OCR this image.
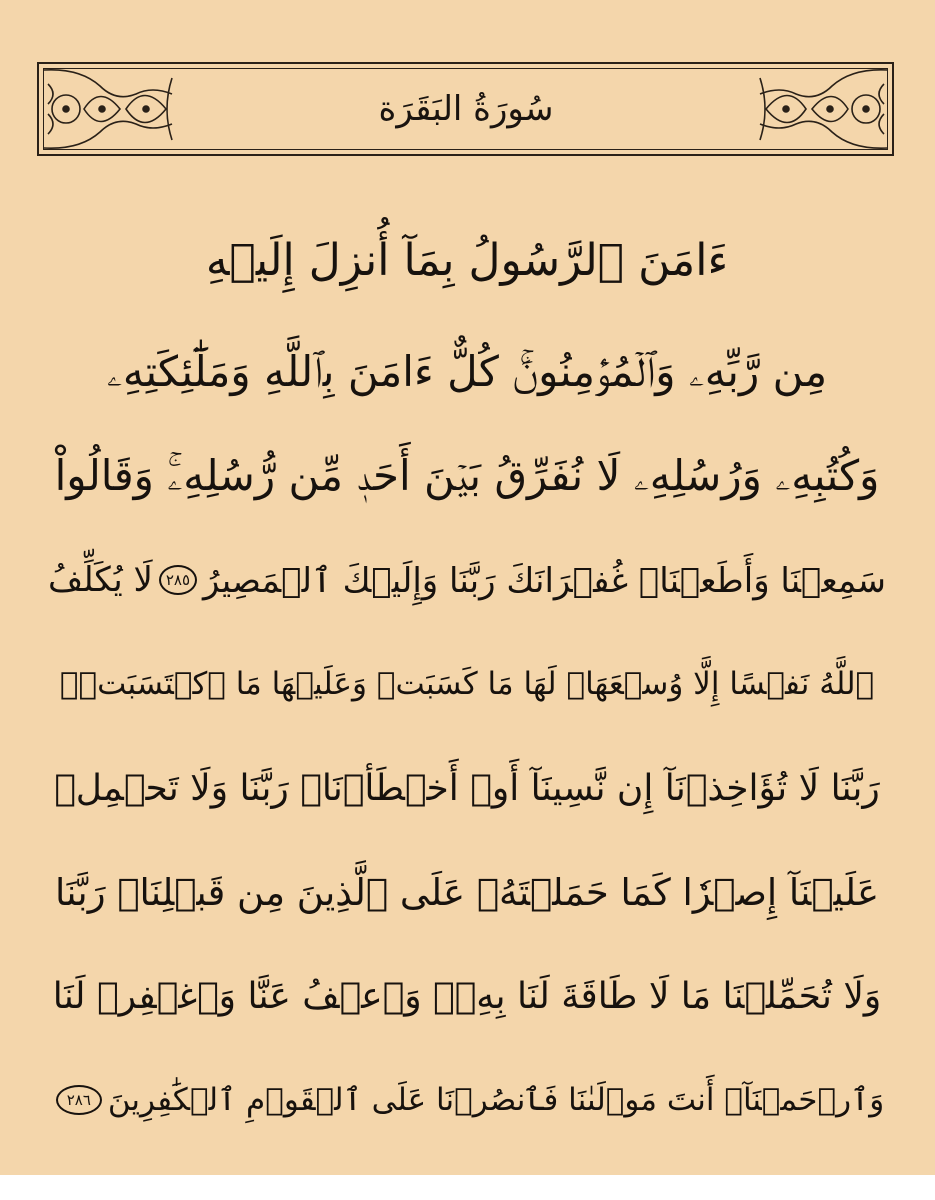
سُورَةُ البَقَرَة
ءَامَنَ ٱلرَّسُولُ بِمَآ أُنزِلَ إِلَيۡهِ
مِن رَّبِّهِۦ وَٱلۡمُؤۡمِنُونَۚ كُلٌّ ءَامَنَ بِٱللَّهِ وَمَلَٰٓئِكَتِهِۦ
وَكُتُبِهِۦ وَرُسُلِهِۦ لَا نُفَرِّقُ بَيۡنَ أَحَدٖ مِّن رُّسُلِهِۦۚ وَقَالُواْ
سَمِعۡنَا وَأَطَعۡنَاۖ غُفۡرَانَكَ رَبَّنَا وَإِلَيۡكَ ٱلۡمَصِيرُ
٢٨٥
لَا يُكَلِّفُ
ٱللَّهُ نَفۡسًا إِلَّا وُسۡعَهَاۚ لَهَا مَا كَسَبَتۡ وَعَلَيۡهَا مَا ٱكۡتَسَبَتۡۗ
رَبَّنَا لَا تُؤَاخِذۡنَآ إِن نَّسِينَآ أَوۡ أَخۡطَأۡنَاۚ رَبَّنَا وَلَا تَحۡمِلۡ
عَلَيۡنَآ إِصۡرٗا كَمَا حَمَلۡتَهُۥ عَلَى ٱلَّذِينَ مِن قَبۡلِنَاۚ رَبَّنَا
وَلَا تُحَمِّلۡنَا مَا لَا طَاقَةَ لَنَا بِهِۦۖ وَٱعۡفُ عَنَّا وَٱغۡفِرۡ لَنَا
وَٱرۡحَمۡنَآۚ أَنتَ مَوۡلَىٰنَا فَٱنصُرۡنَا عَلَى ٱلۡقَوۡمِ ٱلۡكَٰفِرِينَ
٢٨٦
